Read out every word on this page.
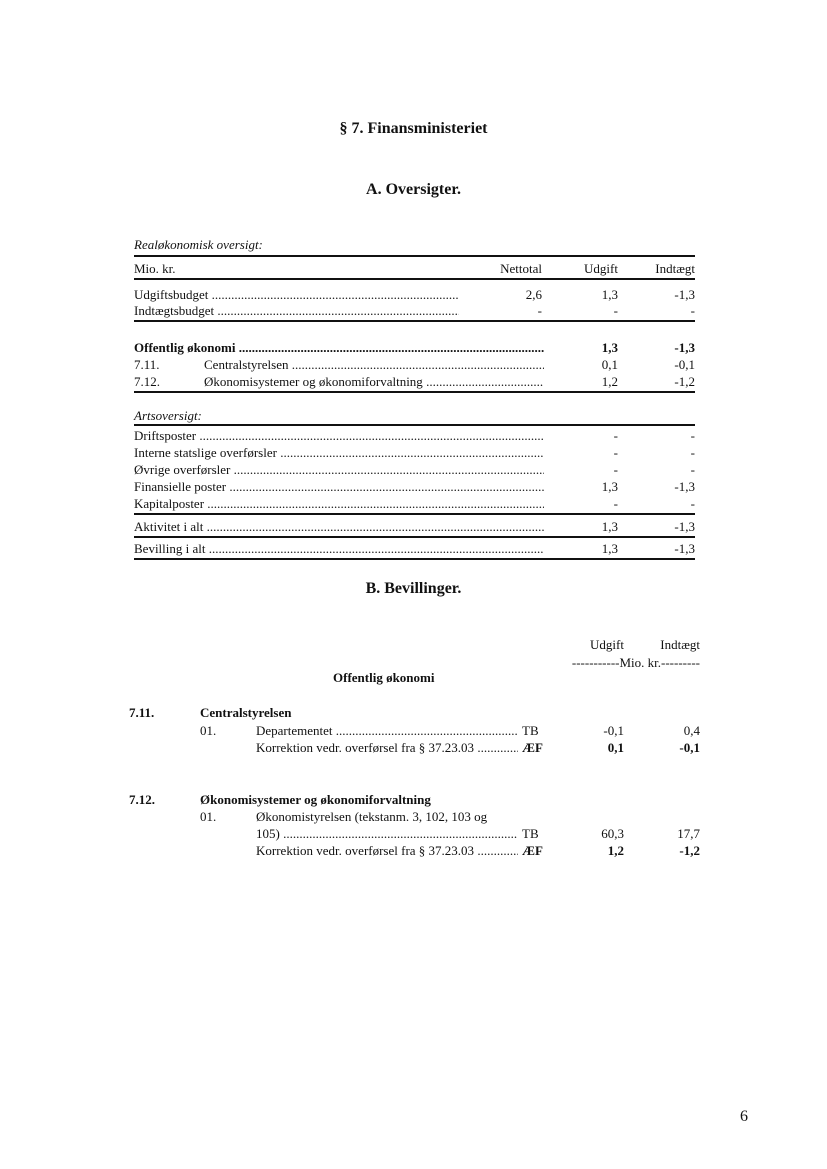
§ 7. Finansministeriet
A. Oversigter.
Realøkonomisk oversigt:
Mio. kr.	Nettotal	Udgift	Indtægt
Udgiftsbudget .....	2,6	1,3	-1,3
Indtægtsbudget .....	-	-	-
Offentlig økonomi .....	1,3	-1,3
7.11.	Centralstyrelsen .....	0,1	-0,1
7.12.	Økonomisystemer og økonomiforvaltning .....	1,2	-1,2
Artsoversigt:
Driftsposter .....	-	-
Interne statslige overførsler .....	-	-
Øvrige overførsler .....	-	-
Finansielle poster .....	1,3	-1,3
Kapitalposter .....	-	-
Aktivitet i alt .....	1,3	-1,3
Bevilling i alt .....	1,3	-1,3
B. Bevillinger.
Udgift	Indtægt
-----------Mio. kr.---------
Offentlig økonomi
7.11.	Centralstyrelsen
01.	Departementet .....	TB	-0,1	0,4
Korrektion vedr. overførsel fra § 37.23.03 .....	ÆF	0,1	-0,1
7.12.	Økonomisystemer og økonomiforvaltning
01.	Økonomistyrelsen (tekstanm. 3, 102, 103 og
105) .....	TB	60,3	17,7
Korrektion vedr. overførsel fra § 37.23.03 .....	ÆF	1,2	-1,2
6
